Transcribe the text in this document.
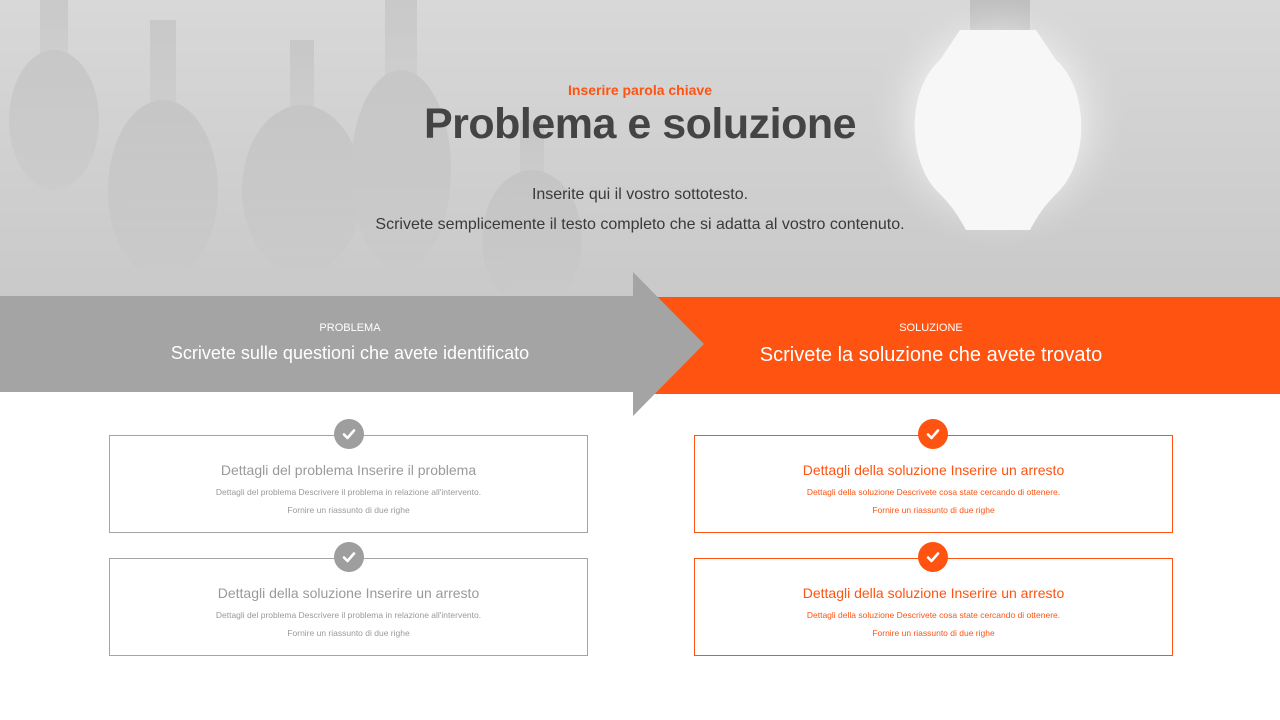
Inserire parola chiave
Problema e soluzione
Inserite qui il vostro sottotesto.
Scrivete semplicemente il testo completo che si adatta al vostro contenuto.
PROBLEMA
Scrivete sulle questioni che avete identificato
SOLUZIONE
Scrivete la soluzione che avete trovato
Dettagli del problema Inserire il problema
Dettagli del problema Descrivere il problema in relazione all'intervento.
Fornire un riassunto di due righe
Dettagli della soluzione Inserire un arresto
Dettagli del problema Descrivere il problema in relazione all'intervento.
Fornire un riassunto di due righe
Dettagli della soluzione Inserire un arresto
Dettagli della soluzione Descrivete cosa state cercando di ottenere.
Fornire un riassunto di due righe
Dettagli della soluzione Inserire un arresto
Dettagli della soluzione Descrivete cosa state cercando di ottenere.
Fornire un riassunto di due righe
